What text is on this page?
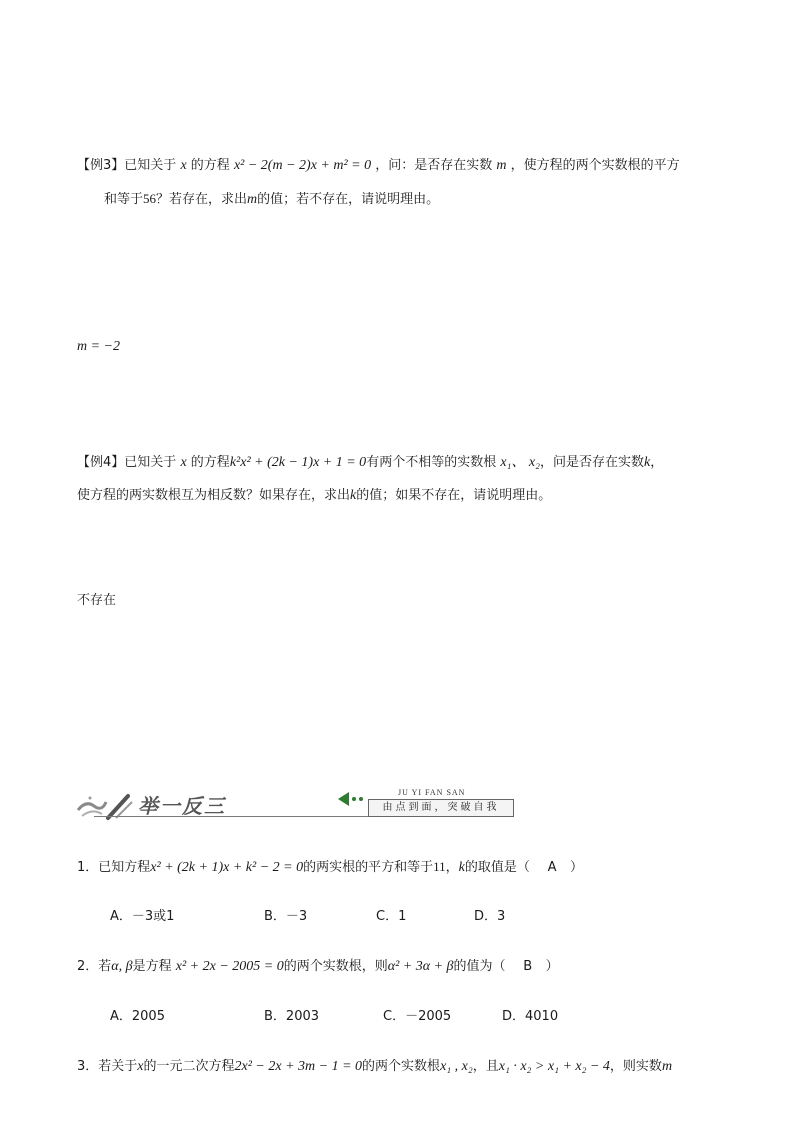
【例3】已知关于 x 的方程 x² − 2(m − 2)x + m² = 0 ，问：是否存在实数 m ，使方程的两个实数根的平方
和等于56？若存在，求出m的值；若不存在，请说明理由。
m = −2
【例4】已知关于 x 的方程k²x² + (2k − 1)x + 1 = 0有两个不相等的实数根 x₁、 x₂，问是否存在实数k，
使方程的两实数根互为相反数？如果存在，求出k的值；如果不存在，请说明理由。
不存在
举一反三
JU YI FAN SAN
由点到面，突破自我
1．已知方程x² + (2k + 1)x + k² − 2 = 0的两实根的平方和等于11，k的取值是（ A ）
A．－3或1	B．－3	C．1	D．3
2．若α, β是方程 x² + 2x − 2005 = 0的两个实数根，则α² + 3α + β的值为（ B ）
A．2005	B．2003	C．－2005	D．4010
3．若关于x的一元二次方程2x² − 2x + 3m − 1 = 0的两个实数根x₁ , x₂，且x₁ · x₂ > x₁ + x₂ − 4，则实数m
